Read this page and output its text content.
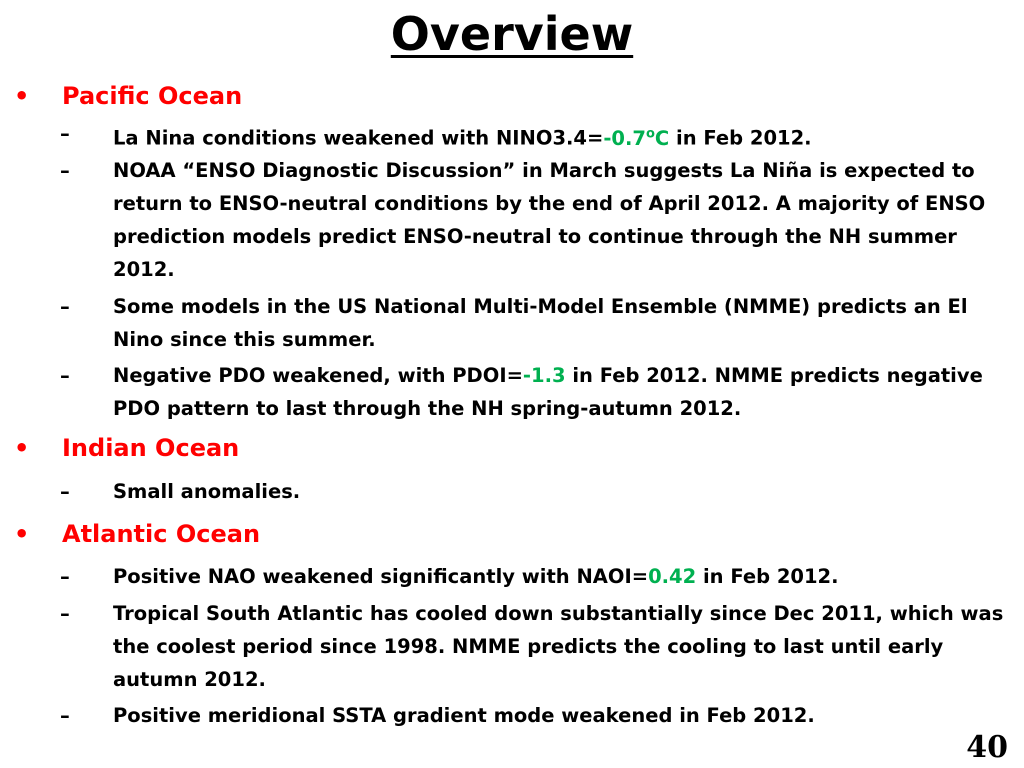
Overview
• Pacific Ocean
– La Nina conditions weakened with $NINO3.4=-0.7^oC$ in Feb 2012.
– NOAA “ENSO Diagnostic Discussion” in March suggests La Niña is expected to return to ENSO-neutral conditions by the end of April 2012. A majority of ENSO prediction models predict ENSO-neutral to continue through the NH summer 2012.
– Some models in the US National Multi-Model Ensemble (NMME) predicts an El Nino since this summer.
– Negative PDO weakened, with PDOI=-1.3 in Feb 2012. NMME predicts negative PDO pattern to last through the NH spring-autumn 2012.
• Indian Ocean
– Small anomalies.
• Atlantic Ocean
– Positive NAO weakened significantly with NAOI=0.42 in Feb 2012.
– Tropical South Atlantic has cooled down substantially since Dec 2011, which was the coolest period since 1998. NMME predicts the cooling to last until early autumn 2012.
– Positive meridional SSTA gradient mode weakened in Feb 2012.
40
